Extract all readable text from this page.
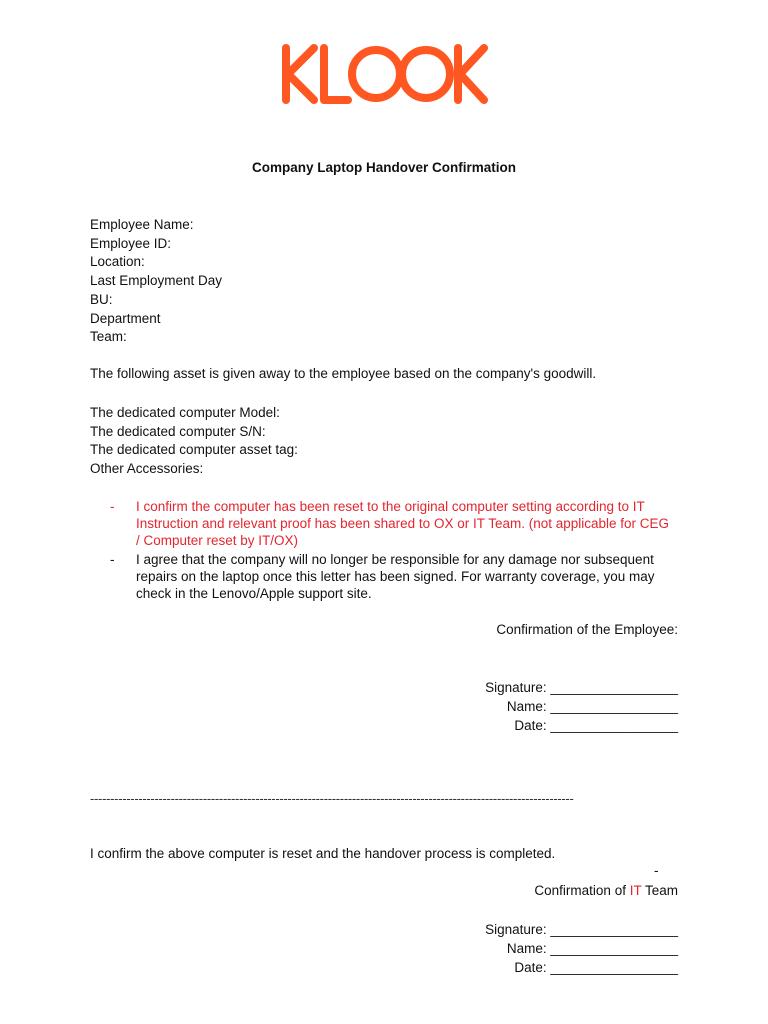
Company Laptop Handover Confirmation
Employee Name:
Employee ID:
Location:
Last Employment Day
BU:
Department
Team:
The following asset is given away to the employee based on the company's goodwill.
The dedicated computer Model:
The dedicated computer S/N:
The dedicated computer asset tag:
Other Accessories:
-	I confirm the computer has been reset to the original computer setting according to IT Instruction and relevant proof has been shared to OX or IT Team. (not applicable for CEG / Computer reset by IT/OX)
-	I agree that the company will no longer be responsible for any damage nor subsequent repairs on the laptop once this letter has been signed. For warranty coverage, you may check in the Lenovo/Apple support site.
Confirmation of the Employee:
Signature: _________________
Name: _________________
Date: _________________
------------------------------------------------------------------------------------------------------------------------
I confirm the above computer is reset and the handover process is completed.
-
Confirmation of IT Team
Signature: _________________
Name: _________________
Date: _________________
